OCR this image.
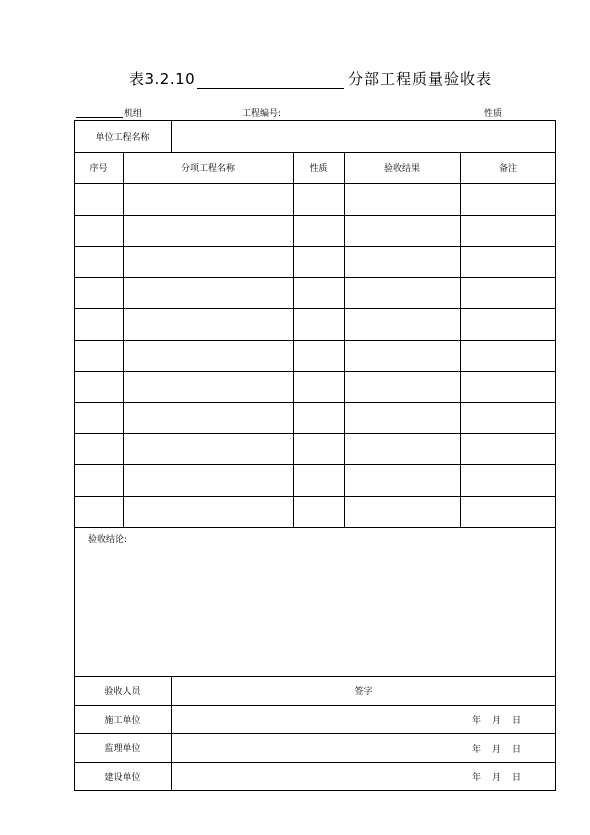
表3.2.10	分部工程质量验收表
机组	工程编号:	性质
单位工程名称
序号	分项工程名称	性质	验收结果	备注
验收结论:
验收人员	签字
施工单位	年 月 日
监理单位	年 月 日
建设单位	年 月 日
